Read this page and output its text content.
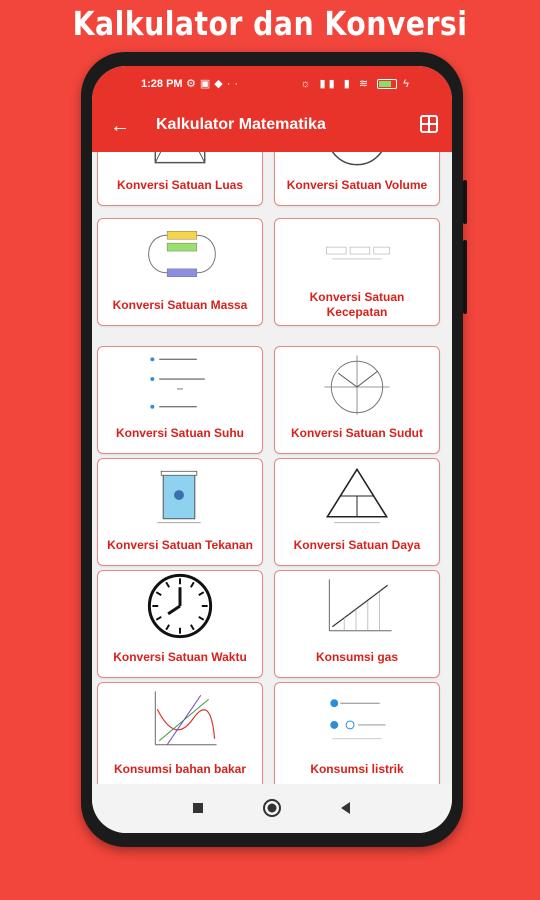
Kalkulator dan Konversi
1:28 PM ⚙▣◆··	☼ ▮▮ ▮ ≋  ϟ
← Kalkulator Matematika
Konversi Satuan Luas	Konversi Satuan Volume
Konversi Satuan Massa
Konversi Satuan Kecepatan
Konversi Satuan Suhu	Konversi Satuan Sudut
Konversi Satuan Tekanan	Konversi Satuan Daya
Konversi Satuan Waktu	Konsumsi gas
Konsumsi bahan bakar	Konsumsi listrik
